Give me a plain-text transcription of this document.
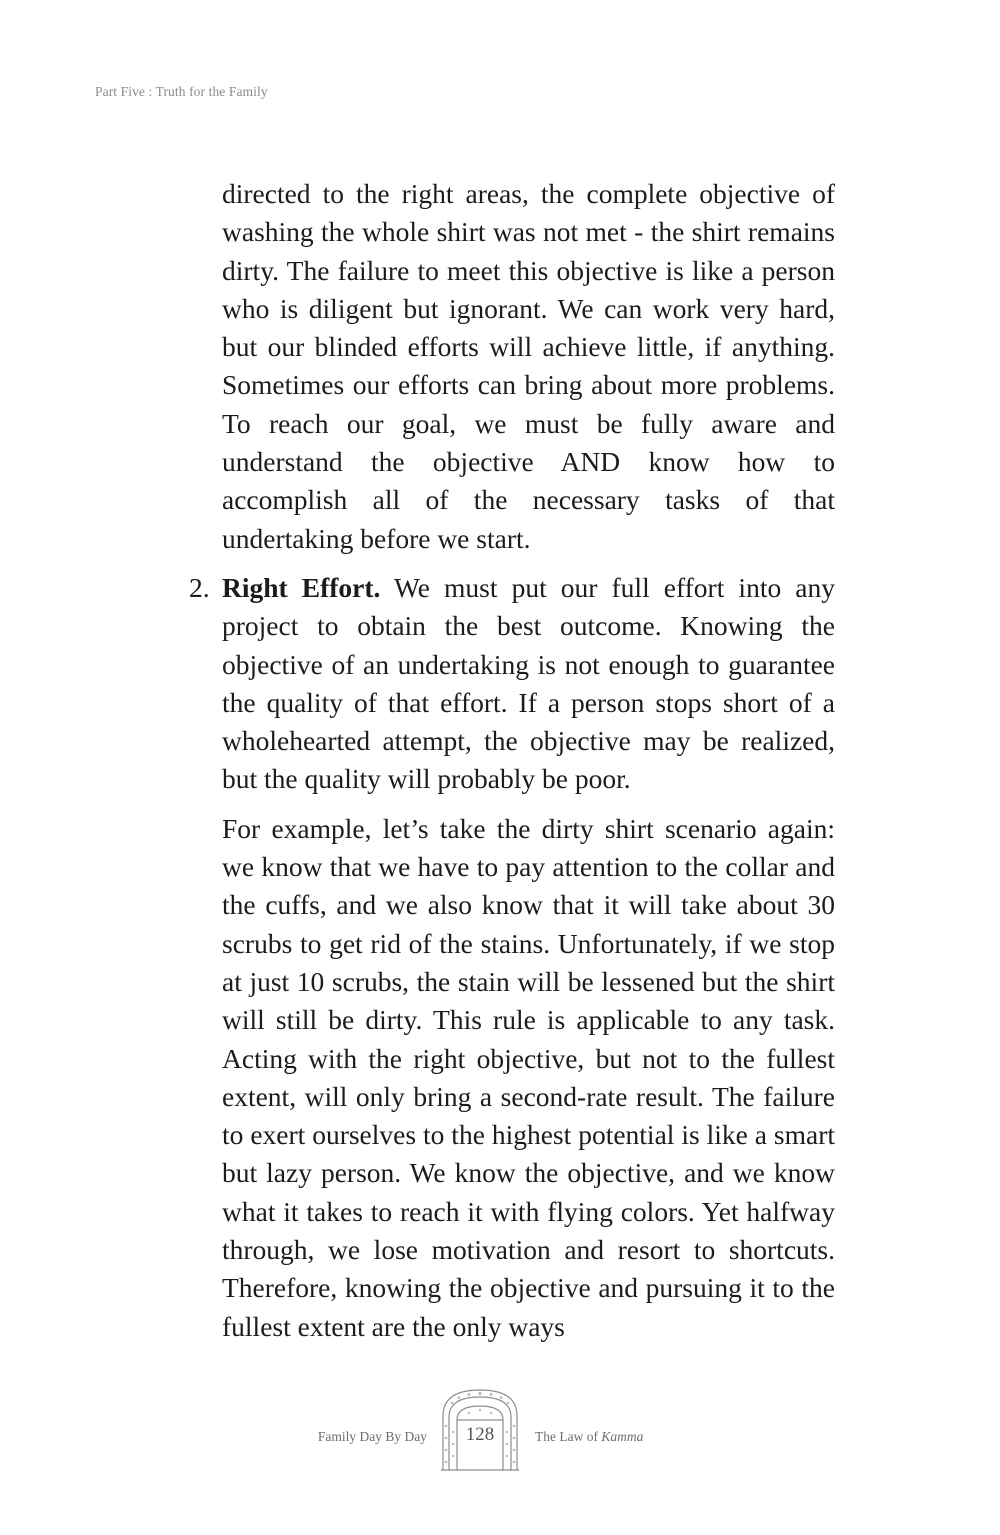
Part Five : Truth for the Family

directed to the right areas, the complete objective of washing the whole shirt was not met - the shirt remains dirty. The failure to meet this objective is like a person who is diligent but ignorant. We can work very hard, but our blinded efforts will achieve little, if anything. Sometimes our efforts can bring about more problems. To reach our goal, we must be fully aware and understand the objective AND know how to accomplish all of the necessary tasks of that undertaking before we start.

2. Right Effort. We must put our full effort into any project to obtain the best outcome. Knowing the objective of an undertaking is not enough to guarantee the quality of that effort. If a person stops short of a wholehearted attempt, the objective may be realized, but the quality will probably be poor.

For example, let’s take the dirty shirt scenario again: we know that we have to pay attention to the collar and the cuffs, and we also know that it will take about 30 scrubs to get rid of the stains. Unfortunately, if we stop at just 10 scrubs, the stain will be lessened but the shirt will still be dirty. This rule is applicable to any task. Acting with the right objective, but not to the fullest extent, will only bring a second-rate result. The failure to exert ourselves to the highest potential is like a smart but lazy person. We know the objective, and we know what it takes to reach it with flying colors. Yet halfway through, we lose motivation and resort to shortcuts. Therefore, knowing the objective and pursuing it to the fullest extent are the only ways

Family Day By Day	128	The Law of Kamma
